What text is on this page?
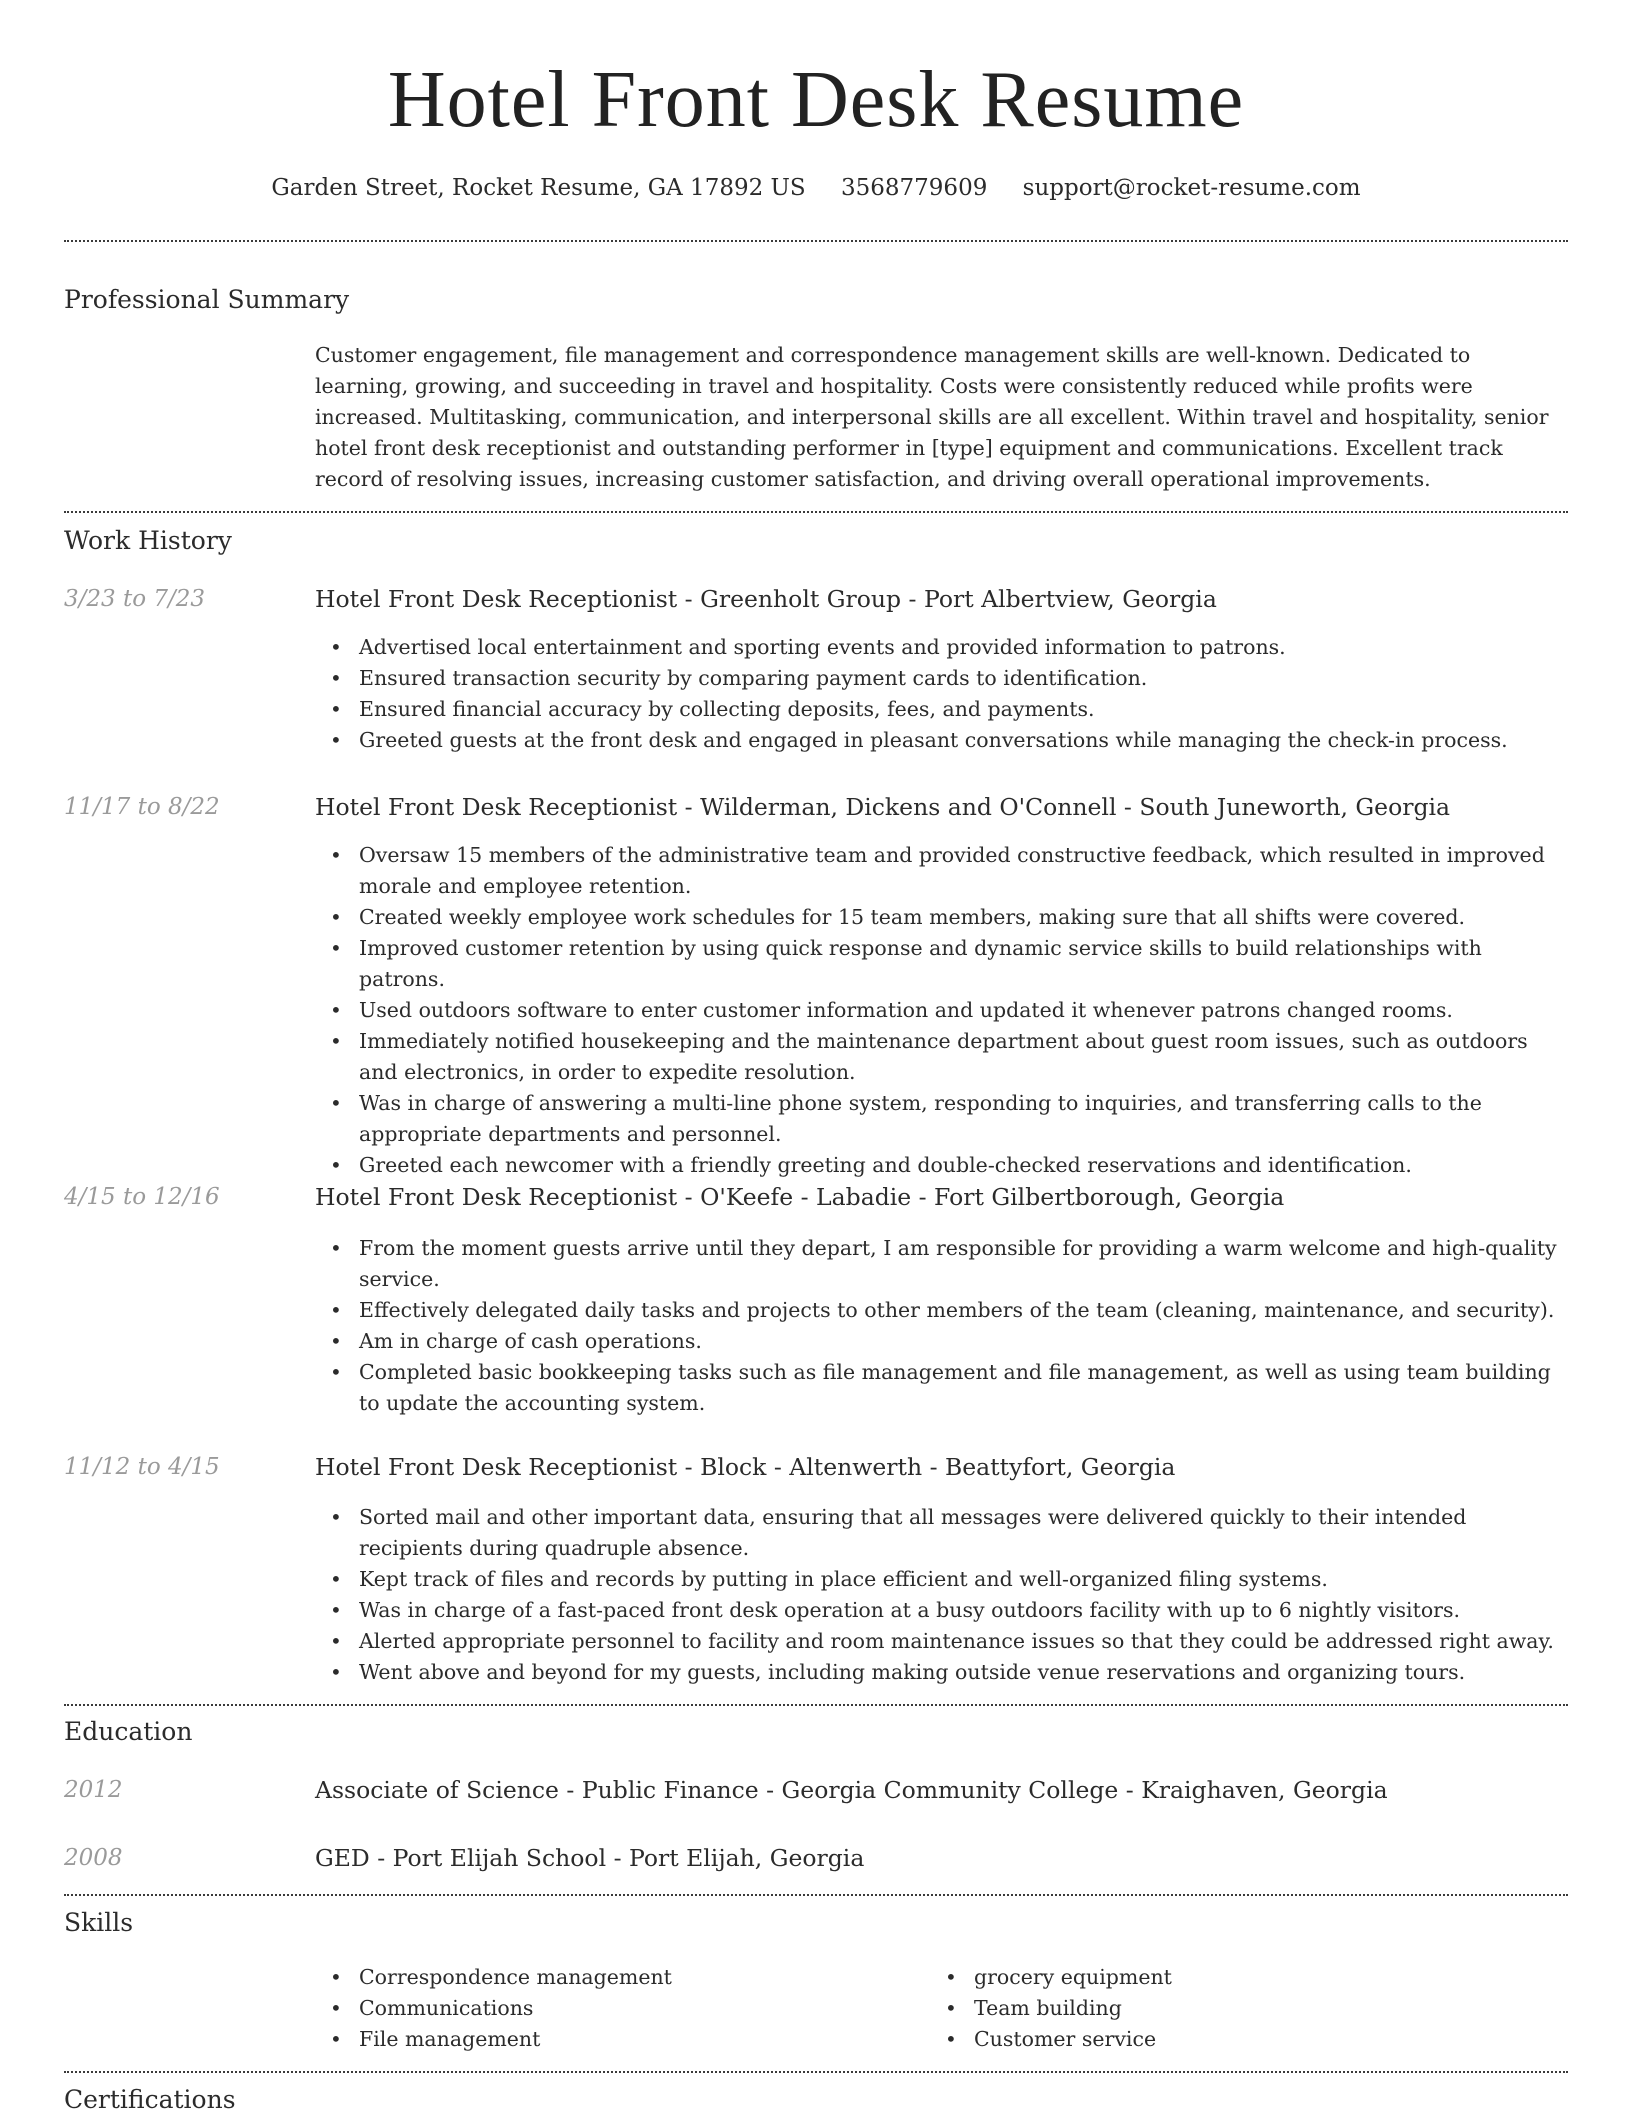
Hotel Front Desk Resume
Garden Street, Rocket Resume, GA 17892 US 3568779609 support@rocket-resume.com
Professional Summary
Customer engagement, file management and correspondence management skills are well-known. Dedicated to learning, growing, and succeeding in travel and hospitality. Costs were consistently reduced while profits were increased. Multitasking, communication, and interpersonal skills are all excellent. Within travel and hospitality, senior hotel front desk receptionist and outstanding performer in [type] equipment and communications. Excellent track record of resolving issues, increasing customer satisfaction, and driving overall operational improvements.
Work History
3/23 to 7/23	Hotel Front Desk Receptionist - Greenholt Group - Port Albertview, Georgia
• Advertised local entertainment and sporting events and provided information to patrons.
• Ensured transaction security by comparing payment cards to identification.
• Ensured financial accuracy by collecting deposits, fees, and payments.
• Greeted guests at the front desk and engaged in pleasant conversations while managing the check-in process.
11/17 to 8/22	Hotel Front Desk Receptionist - Wilderman, Dickens and O'Connell - South Juneworth, Georgia
• Oversaw 15 members of the administrative team and provided constructive feedback, which resulted in improved morale and employee retention.
• Created weekly employee work schedules for 15 team members, making sure that all shifts were covered.
• Improved customer retention by using quick response and dynamic service skills to build relationships with patrons.
• Used outdoors software to enter customer information and updated it whenever patrons changed rooms.
• Immediately notified housekeeping and the maintenance department about guest room issues, such as outdoors and electronics, in order to expedite resolution.
• Was in charge of answering a multi-line phone system, responding to inquiries, and transferring calls to the appropriate departments and personnel.
• Greeted each newcomer with a friendly greeting and double-checked reservations and identification.
4/15 to 12/16	Hotel Front Desk Receptionist - O'Keefe - Labadie - Fort Gilbertborough, Georgia
• From the moment guests arrive until they depart, I am responsible for providing a warm welcome and high-quality service.
• Effectively delegated daily tasks and projects to other members of the team (cleaning, maintenance, and security).
• Am in charge of cash operations.
• Completed basic bookkeeping tasks such as file management and file management, as well as using team building to update the accounting system.
11/12 to 4/15	Hotel Front Desk Receptionist - Block - Altenwerth - Beattyfort, Georgia
• Sorted mail and other important data, ensuring that all messages were delivered quickly to their intended recipients during quadruple absence.
• Kept track of files and records by putting in place efficient and well-organized filing systems.
• Was in charge of a fast-paced front desk operation at a busy outdoors facility with up to 6 nightly visitors.
• Alerted appropriate personnel to facility and room maintenance issues so that they could be addressed right away.
• Went above and beyond for my guests, including making outside venue reservations and organizing tours.
Education
2012	Associate of Science - Public Finance - Georgia Community College - Kraighaven, Georgia
2008	GED - Port Elijah School - Port Elijah, Georgia
Skills
• Correspondence management
• Communications
• File management
• grocery equipment
• Team building
• Customer service
Certifications
